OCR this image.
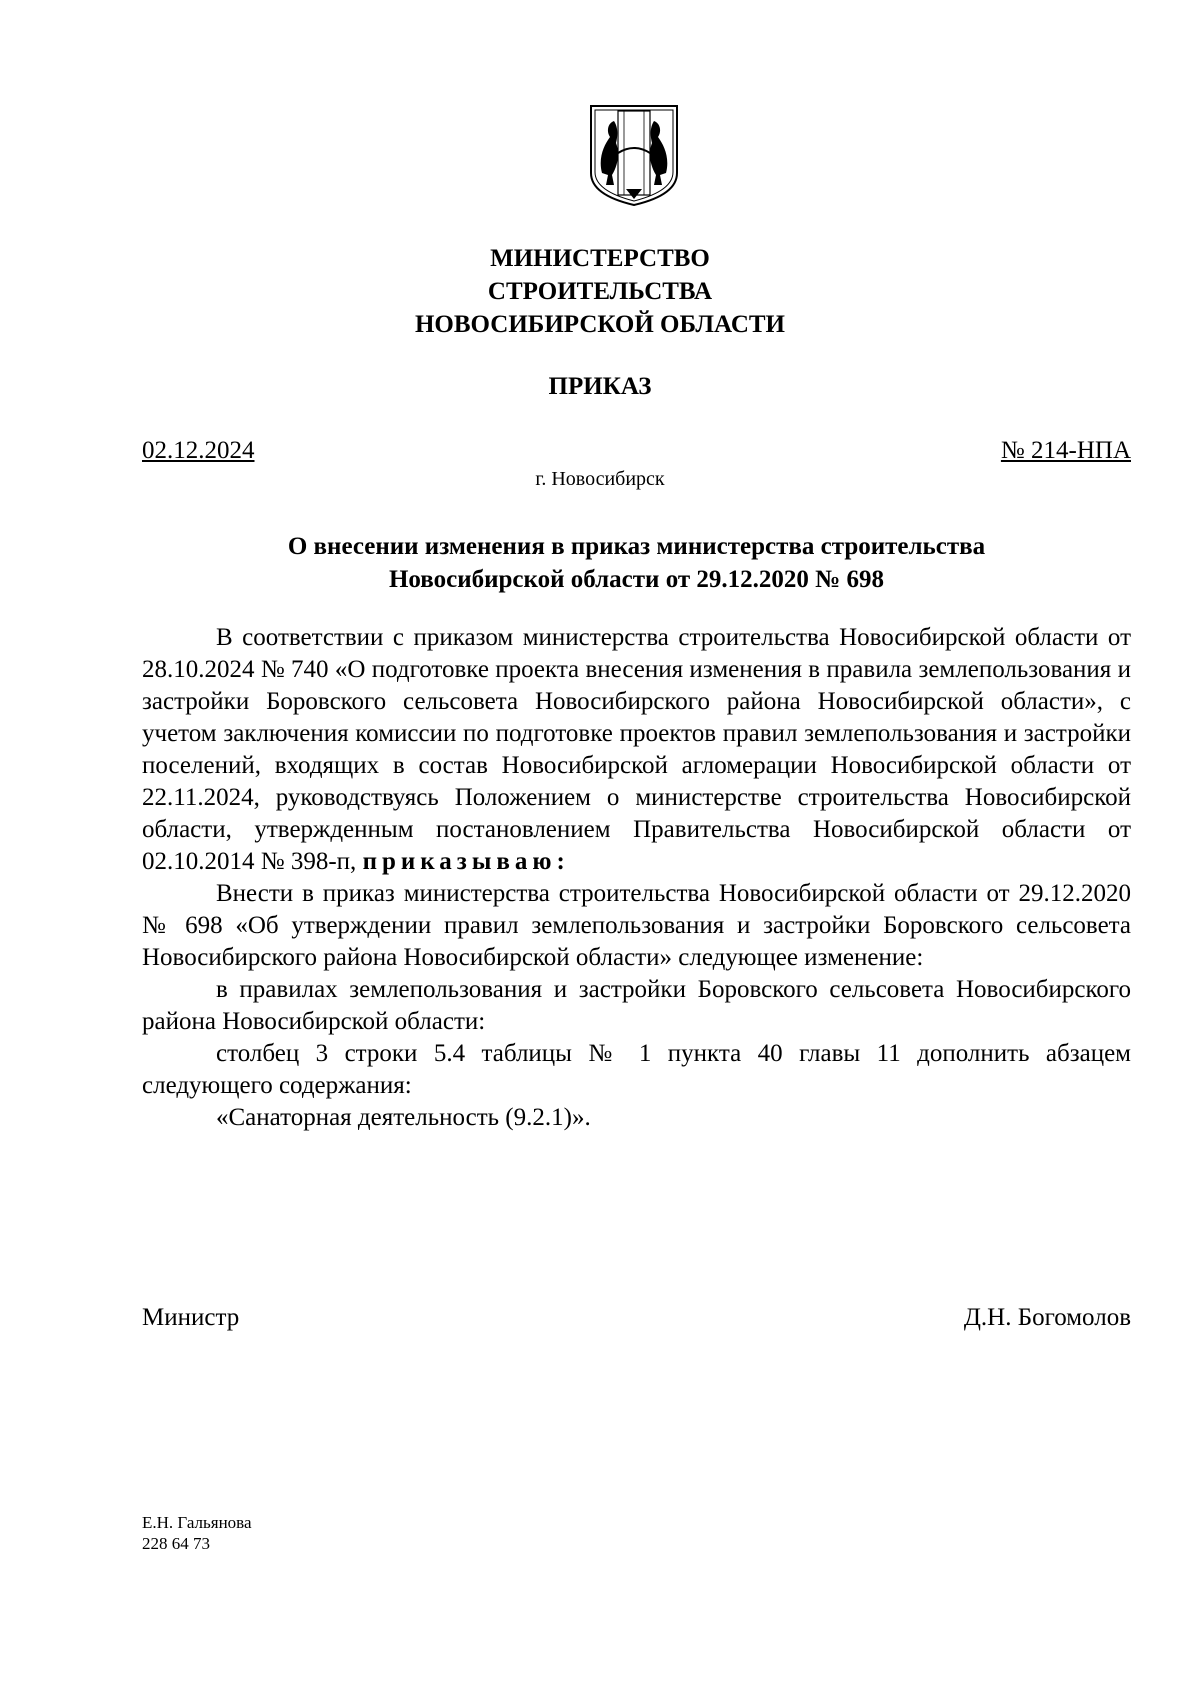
МИНИСТЕРСТВО
СТРОИТЕЛЬСТВА
НОВОСИБИРСКОЙ ОБЛАСТИ
ПРИКАЗ
02.12.2024	№ 214-НПА
г. Новосибирск
О внесении изменения в приказ министерства строительства
Новосибирской области от 29.12.2020 № 698

В соответствии с приказом министерства строительства Новосибирской области от 28.10.2024 № 740 «О подготовке проекта внесения изменения в правила землепользования и застройки Боровского сельсовета Новосибирского района Новосибирской области», с учетом заключения комиссии по подготовке проектов правил землепользования и застройки поселений, входящих в состав Новосибирской агломерации Новосибирской области от 22.11.2024, руководствуясь Положением о министерстве строительства Новосибирской области, утвержденным постановлением Правительства Новосибирской области от 02.10.2014 № 398-п, приказываю:

Внести в приказ министерства строительства Новосибирской области от 29.12.2020 № 698 «Об утверждении правил землепользования и застройки Боровского сельсовета Новосибирского района Новосибирской области» следующее изменение:

в правилах землепользования и застройки Боровского сельсовета Новосибирского района Новосибирской области:

столбец 3 строки 5.4 таблицы № 1 пункта 40 главы 11 дополнить абзацем следующего содержания:

«Санаторная деятельность (9.2.1)».

Министр	Д.Н. Богомолов
Е.Н. Гальянова
228 64 73
